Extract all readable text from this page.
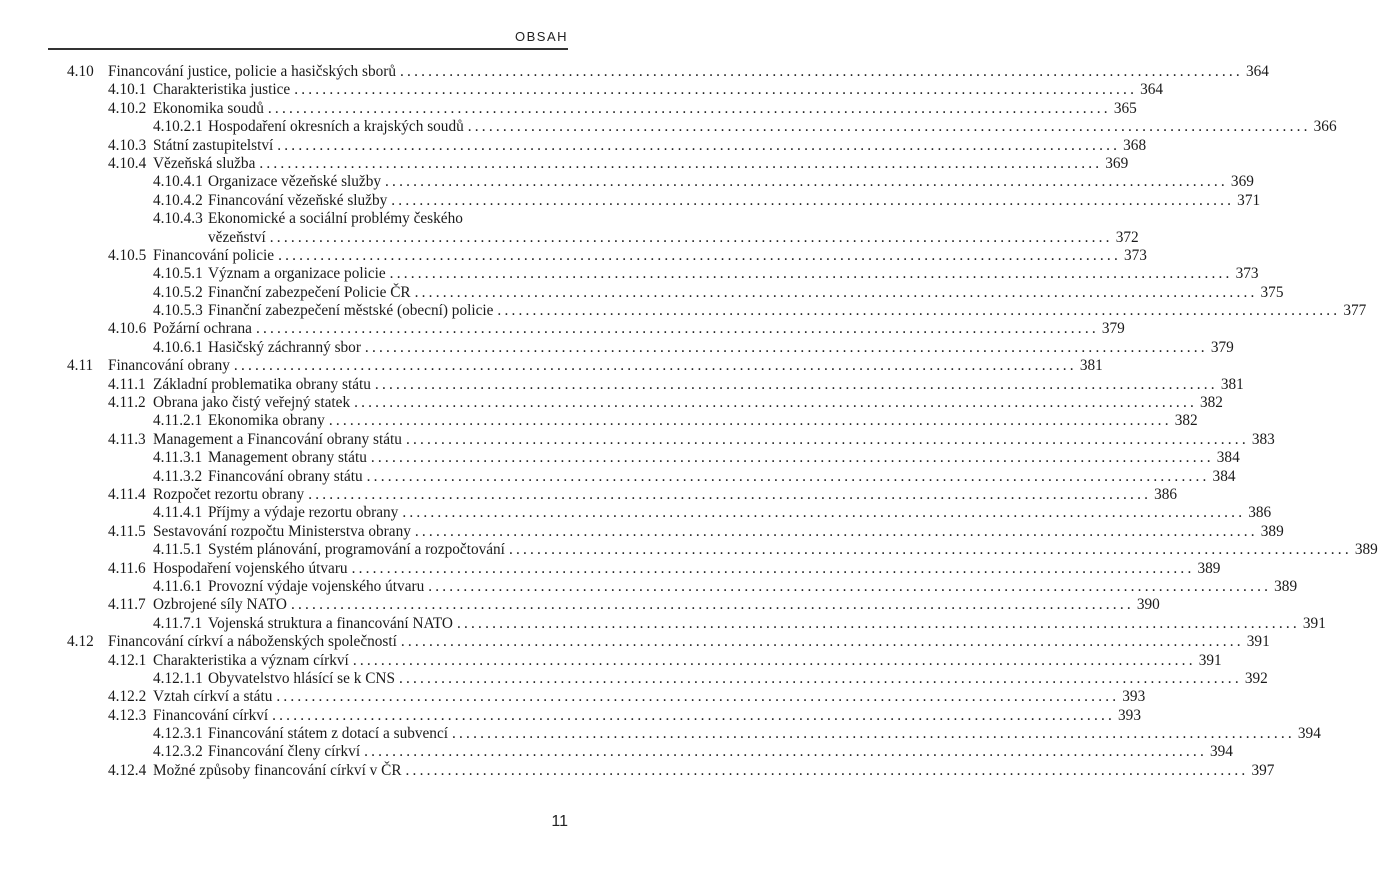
OBSAH
4.10 Financování justice, policie a hasičských sborů ........................................................................................................................ 364
4.10.1 Charakteristika justice ........................................................................................................................ 364
4.10.2 Ekonomika soudů ........................................................................................................................ 365
4.10.2.1 Hospodaření okresních a krajských soudů ........................................................................................................................ 366
4.10.3 Státní zastupitelství ........................................................................................................................ 368
4.10.4 Vězeňská služba ........................................................................................................................ 369
4.10.4.1 Organizace vězeňské služby ........................................................................................................................ 369
4.10.4.2 Financování vězeňské služby ........................................................................................................................ 371
4.10.4.3 Ekonomické a sociální problémy českého
vězeňství ........................................................................................................................ 372
4.10.5 Financování policie ........................................................................................................................ 373
4.10.5.1 Význam a organizace policie ........................................................................................................................ 373
4.10.5.2 Finanční zabezpečení Policie ČR ........................................................................................................................ 375
4.10.5.3 Finanční zabezpečení městské (obecní) policie ........................................................................................................................ 377
4.10.6 Požární ochrana ........................................................................................................................ 379
4.10.6.1 Hasičský záchranný sbor ........................................................................................................................ 379
4.11 Financování obrany ........................................................................................................................ 381
4.11.1 Základní problematika obrany státu ........................................................................................................................ 381
4.11.2 Obrana jako čistý veřejný statek ........................................................................................................................ 382
4.11.2.1 Ekonomika obrany ........................................................................................................................ 382
4.11.3 Management a Financování obrany státu ........................................................................................................................ 383
4.11.3.1 Management obrany státu ........................................................................................................................ 384
4.11.3.2 Financování obrany státu ........................................................................................................................ 384
4.11.4 Rozpočet rezortu obrany ........................................................................................................................ 386
4.11.4.1 Příjmy a výdaje rezortu obrany ........................................................................................................................ 386
4.11.5 Sestavování rozpočtu Ministerstva obrany ........................................................................................................................ 389
4.11.5.1 Systém plánování, programování a rozpočtování ........................................................................................................................ 389
4.11.6 Hospodaření vojenského útvaru ........................................................................................................................ 389
4.11.6.1 Provozní výdaje vojenského útvaru ........................................................................................................................ 389
4.11.7 Ozbrojené síly NATO ........................................................................................................................ 390
4.11.7.1 Vojenská struktura a financování NATO ........................................................................................................................ 391
4.12 Financování církví a náboženských společností ........................................................................................................................ 391
4.12.1 Charakteristika a význam církví ........................................................................................................................ 391
4.12.1.1 Obyvatelstvo hlásící se k CNS ........................................................................................................................ 392
4.12.2 Vztah církví a státu ........................................................................................................................ 393
4.12.3 Financování církví ........................................................................................................................ 393
4.12.3.1 Financování státem z dotací a subvencí ........................................................................................................................ 394
4.12.3.2 Financování členy církví ........................................................................................................................ 394
4.12.4 Možné způsoby financování církví v ČR ........................................................................................................................ 397
11
